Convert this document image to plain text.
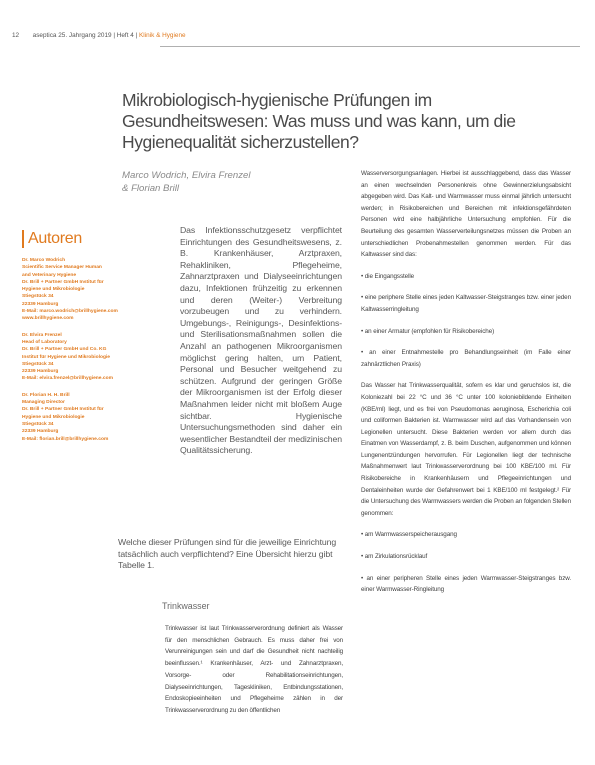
12 aseptica 25. Jahrgang 2019 | Heft 4 | Klinik & Hygiene
Mikrobiologisch-hygienische Prüfungen im Gesundheitswesen: Was muss und was kann, um die Hygienequalität sicherzustellen?
Marco Wodrich, Elvira Frenzel
& Florian Brill
Autoren
Dr. Marco Wodrich
Scientific Service Manager Human
and Veterinary Hygiene
Dr. Brill + Partner GmbH Institut für
Hygiene und Mikrobiologie
Stiegstück 34
22339 Hamburg
E-Mail: marco.wodrich@brillhygiene.com
www.brillhygiene.com
Dr. Elvira Frenzel
Head of Laboratory
Dr. Brill + Partner GmbH und Co. KG
Institut für Hygiene und Mikrobiologie
Stiegstück 34
22339 Hamburg
E-Mail: elvira.frenzel@brillhygiene.com
Dr. Florian H. H. Brill
Managing Director
Dr. Brill + Partner GmbH Institut für
Hygiene und Mikrobiologie
Stiegstück 34
22339 Hamburg
E-Mail: florian.brill@brillhygiene.com
Das Infektionsschutzgesetz verpflichtet Einrichtungen des Gesundheitswesens, z. B. Krankenhäuser, Arztpraxen, Rehakliniken, Pflegeheime, Zahnarztpraxen und Dialyseeinrichtungen dazu, Infektionen frühzeitig zu erkennen und deren (Weiter-) Verbreitung vorzubeugen und zu verhindern. Umgebungs-, Reinigungs-, Desinfektions- und Sterilisationsmaßnahmen sollen die Anzahl an pathogenen Mikroorganismen möglichst gering halten, um Patient, Personal und Besucher weitgehend zu schützen. Aufgrund der geringen Größe der Mikroorganismen ist der Erfolg dieser Maßnahmen leider nicht mit bloßem Auge sichtbar. Hygienische Untersuchungsmethoden sind daher ein wesentlicher Bestandteil der medizinischen Qualitätssicherung.
Welche dieser Prüfungen sind für die jeweilige Einrichtung tatsächlich auch verpflichtend? Eine Übersicht hierzu gibt Tabelle 1.
Trinkwasser
Trinkwasser ist laut Trinkwasserverordnung definiert als Wasser für den menschlichen Gebrauch. Es muss daher frei von Verunreinigungen sein und darf die Gesundheit nicht nachteilig beeinflussen.¹ Krankenhäuser, Arzt- und Zahnarztpraxen, Vorsorge- oder Rehabilitationseinrichtungen, Dialyseeinrichtungen, Tageskliniken, Entbindungsstationen, Endoskopieeinheiten und Pflegeheime zählen in der Trinkwasserverordnung zu den öffentlichen

Wasserversorgungsanlagen. Hierbei ist ausschlaggebend, dass das Wasser an einen wechselnden Personenkreis ohne Gewinnerzielungsabsicht abgegeben wird. Das Kalt- und Warmwasser muss einmal jährlich untersucht werden; in Risikobereichen und Bereichen mit infektionsgefährdeten Personen wird eine halbjährliche Untersuchung empfohlen. Für die Beurteilung des gesamten Wasserverteilungsnetzes müssen die Proben an unterschiedlichen Probenahmestellen genommen werden. Für das Kaltwasser sind das:

• die Eingangsstelle
• eine periphere Stelle eines jeden Kaltwasser-Steigstranges bzw. einer jeden Kaltwasserringleitung
• an einer Armatur (empfohlen für Risikobereiche)
• an einer Entnahmestelle pro Behandlungseinheit (im Falle einer zahnärztlichen Praxis)

Das Wasser hat Trinkwasserqualität, sofern es klar und geruchslos ist, die Koloniezahl bei 22 °C und 36 °C unter 100 koloniebildende Einheiten (KBE/ml) liegt, und es frei von Pseudomonas aeruginosa, Escherichia coli und coliformen Bakterien ist. Warmwasser wird auf das Vorhandensein von Legionellen untersucht. Diese Bakterien werden vor allem durch das Einatmen von Wasserdampf, z. B. beim Duschen, aufgenommen und können Lungenentzündungen hervorrufen. Für Legionellen liegt der technische Maßnahmenwert laut Trinkwasserverordnung bei 100 KBE/100 ml. Für Risikobereiche in Krankenhäusern und Pflegeeinrichtungen und Dentaleinheiten wurde der Gefahrenwert bei 1 KBE/100 ml festgelegt.² Für die Untersuchung des Warmwassers werden die Proben an folgenden Stellen genommen:

• am Warmwasserspeicherausgang
• am Zirkulationsrücklauf
• an einer peripheren Stelle eines jeden Warmwasser-Steigstranges bzw. einer Warmwasser-Ringleitung
